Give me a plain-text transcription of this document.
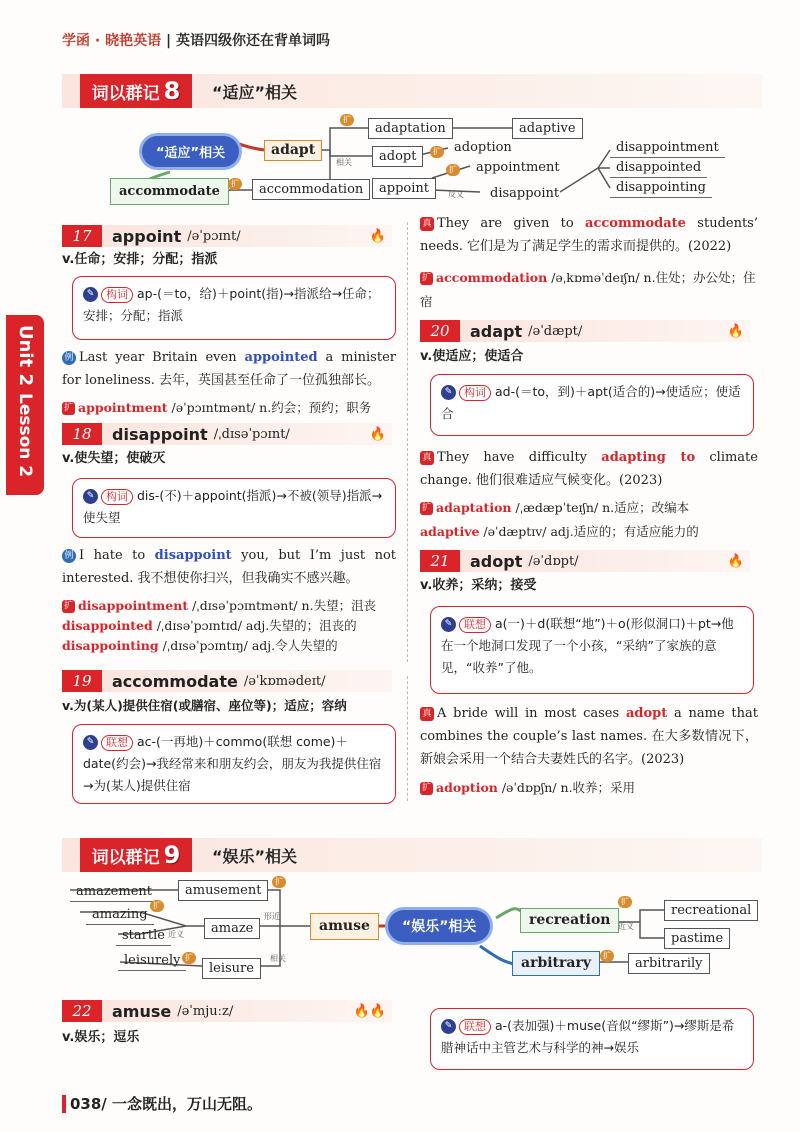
学函 · 晓艳英语 | 英语四级你还在背单词吗
Unit 2
Lesson 2
词以群记 8 “适应”相关
“适应”相关	adapt
adaptation	adaptive
adopt
adoption
appointment
appoint	disappoint
accommodate	accommodation
disappointment
disappointed
disappointing
扩
相关
扩
扩
扩
反义
17	appoint /əˈpɔɪnt/	🔥
v.任命；安排；分配；指派
✎ 构词 ap-(＝to，给)＋point(指)→指派给→任命；安排；分配；指派
例 Last year Britain even appointed a minister for loneliness. 去年，英国甚至任命了一位孤独部长。
扩 appointment /əˈpɔɪntmənt/ n.约会；预约；职务
18	disappoint /ˌdɪsəˈpɔɪnt/	🔥
v.使失望；使破灭
✎ 构词 dis-(不)＋appoint(指派)→不被(领导)指派→使失望
例 I hate to disappoint you, but I’m just not interested. 我不想使你扫兴，但我确实不感兴趣。
扩 disappointment /ˌdɪsəˈpɔɪntmənt/ n.失望；沮丧
disappointed /ˌdɪsəˈpɔɪntɪd/ adj.失望的；沮丧的
disappointing /ˌdɪsəˈpɔɪntɪŋ/ adj.令人失望的
19	accommodate /əˈkɒmədeɪt/
v.为(某人)提供住宿(或膳宿、座位等)；适应；容纳
✎ 联想 ac-(一再地)＋commo(联想 come)＋date(约会)→我经常来和朋友约会，朋友为我提供住宿→为(某人)提供住宿
真 They are given to accommodate students’ needs. 它们是为了满足学生的需求而提供的。(2022)
扩 accommodation /əˌkɒməˈdeɪʃn/ n.住处；办公处；住宿
20	adapt /əˈdæpt/	🔥
v.使适应；使适合
✎ 构词 ad-(＝to，到)＋apt(适合的)→使适应；使适合
真 They have difficulty adapting to climate change. 他们很难适应气候变化。(2023)
扩 adaptation /ˌædæpˈteɪʃn/ n.适应；改编本
adaptive /əˈdæptɪv/ adj.适应的；有适应能力的
21	adopt /əˈdɒpt/	🔥
v.收养；采纳；接受
✎ 联想 a(一)＋d(联想“地”)＋o(形似洞口)＋pt→他在一个地洞口发现了一个小孩，“采纳”了家族的意见，“收养”了他。
真 A bride will in most cases adopt a name that combines the couple’s last names. 在大多数情况下，新娘会采用一个结合夫妻姓氏的名字。(2023)
扩 adoption /əˈdɒpʃn/ n.收养；采用
词以群记 9 “娱乐”相关
“娱乐”相关
amusement
amazement
amazing
amaze
startle
amuse
leisurely
leisure
recreation
recreational
pastime
arbitrary	arbitrarily
扩
扩
近义
形近
扩	相关
扩
近义
扩
22	amuse /əˈmjuːz/	🔥🔥
v.娱乐；逗乐
✎ 联想 a-(表加强)＋muse(音似“缪斯”)→缪斯是希腊神话中主管艺术与科学的神→娱乐
038/ 一念既出，万山无阻。
